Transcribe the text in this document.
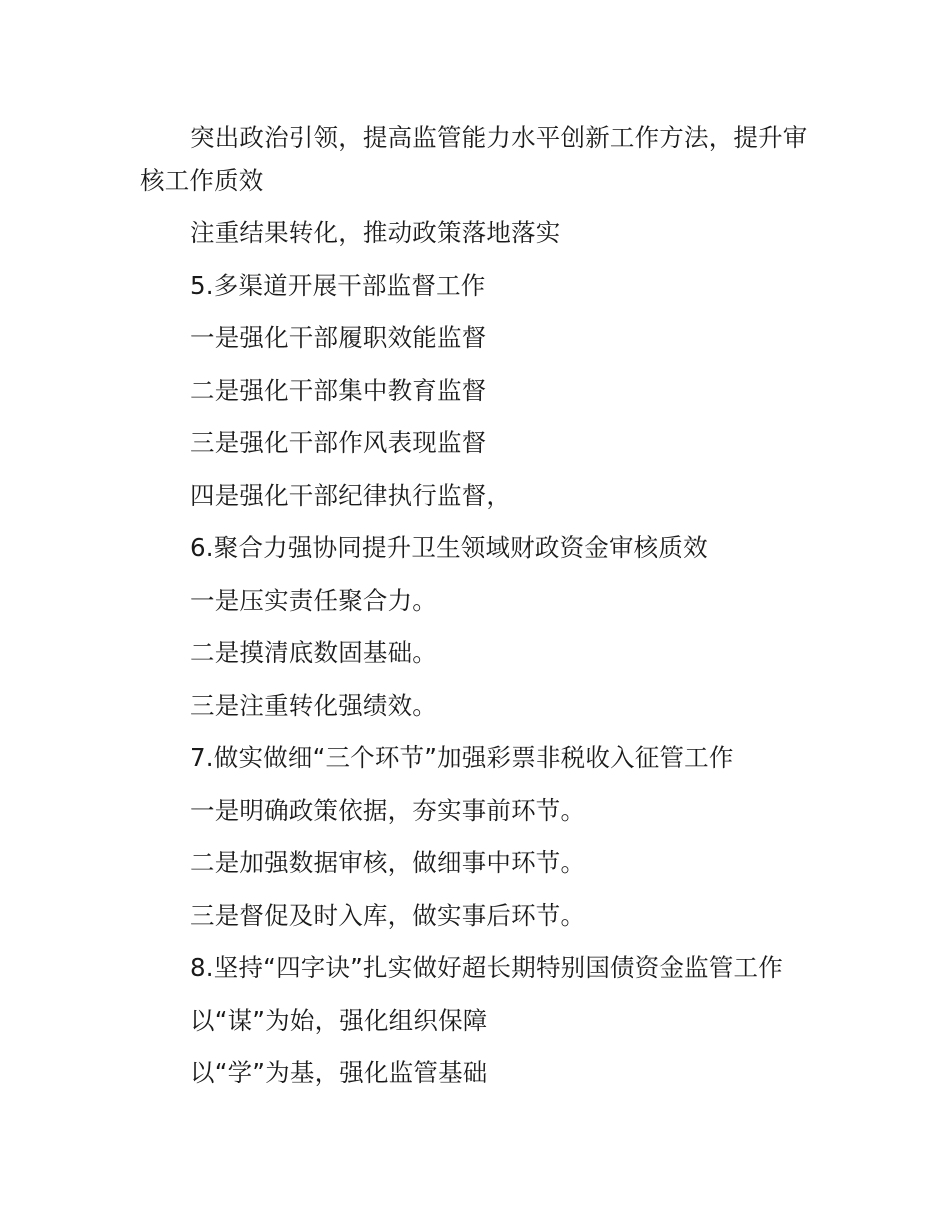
突出政治引领，提高监管能力水平创新工作方法，提升审核工作质效

注重结果转化，推动政策落地落实

5.多渠道开展干部监督工作

一是强化干部履职效能监督

二是强化干部集中教育监督

三是强化干部作风表现监督

四是强化干部纪律执行监督，

6.聚合力强协同提升卫生领域财政资金审核质效

一是压实责任聚合力。

二是摸清底数固基础。

三是注重转化强绩效。

7.做实做细“三个环节”加强彩票非税收入征管工作

一是明确政策依据，夯实事前环节。

二是加强数据审核，做细事中环节。

三是督促及时入库，做实事后环节。

8.坚持“四字诀”扎实做好超长期特别国债资金监管工作

以“谋”为始，强化组织保障

以“学”为基，强化监管基础
